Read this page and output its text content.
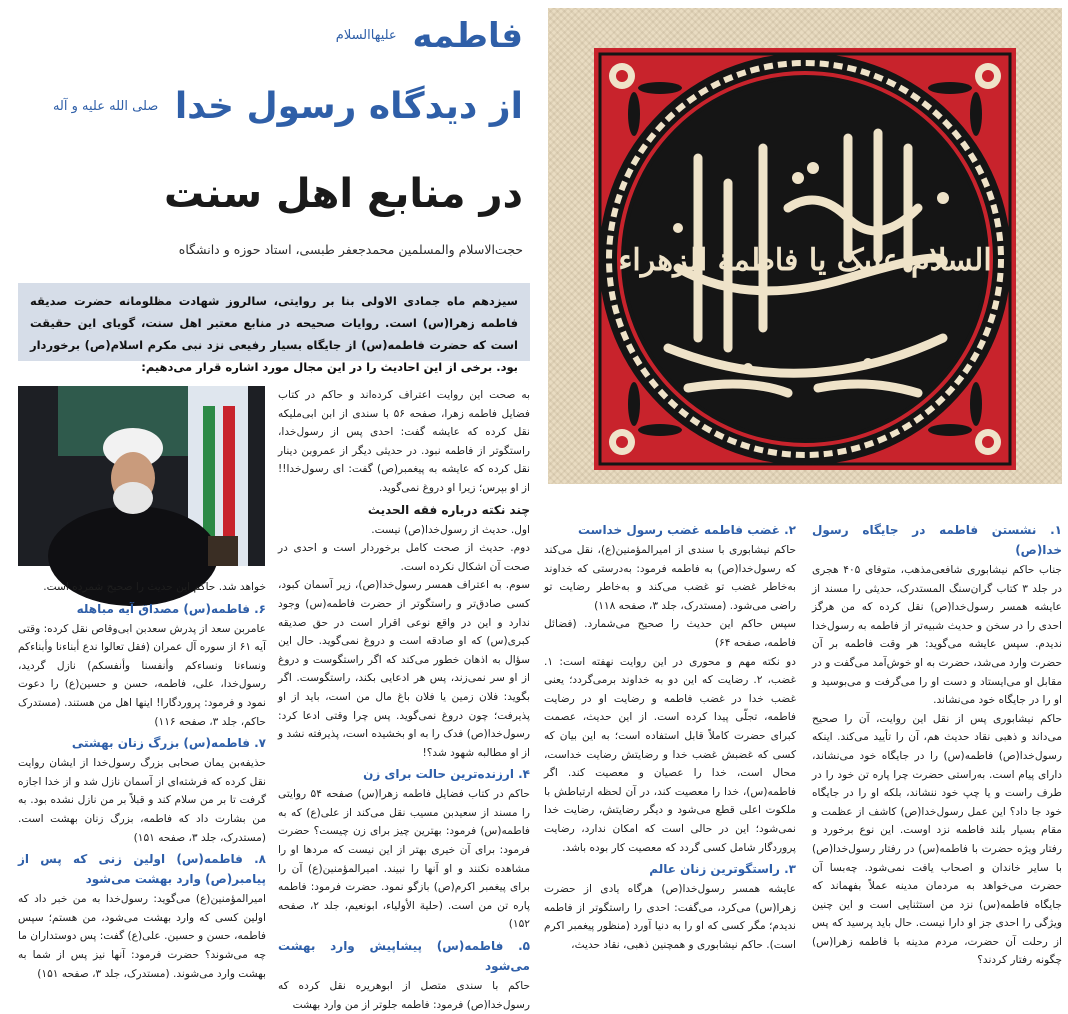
السلام علیک یا فاطمة الزهراء
فاطمه $^{علیهاالسلام}$
از دیدگاه رسول خدا $^{صلی الله علیه و آله}$
در منابع اهل سنت
حجت‌الاسلام والمسلمین محمدجعفر طبسی، استاد حوزه و دانشگاه
سیزدهم ماه جمادی الاولی بنا بر روایتی، سالروز شهادت مظلومانه حضرت صدیقه فاطمه زهرا(س) است. روایات صحیحه در منابع معتبر اهل سنت، گویای این حقیقت است که حضرت فاطمه(س) از جایگاه بسیار رفیعی نزد نبی مکرم اسلام(ص) برخوردار بود. برخی از این احادیث را در این مجال مورد اشاره قرار می‌دهیم:
۱. نشستن فاطمه در جایگاه رسول خدا(ص)

جناب حاکم نیشابوری شافعی‌مذهب، متوفای ۴۰۵ هجری در جلد ۳ کتاب گران‌سنگ المستدرک، حدیثی را مسند از عایشه همسر رسول‌خدا(ص) نقل کرده که من هرگز احدی را در سخن و حدیث شبیه‌تر از فاطمه به رسول‌خدا ندیدم. سپس عایشه می‌گوید: هر وقت فاطمه بر آن حضرت وارد می‌شد، حضرت به او خوش‌آمد می‌گفت و در مقابل او می‌ایستاد و دست او را می‌گرفت و می‌بوسید و او را در جایگاه خود می‌نشاند.

حاکم نیشابوری پس از نقل این روایت، آن را صحیح می‌داند و ذهبی نقاد حدیث هم، آن را تأیید می‌کند. اینکه رسول‌خدا(ص) فاطمه(س) را در جایگاه خود می‌نشاند، دارای پیام است. به‌راستی حضرت چرا پاره تن خود را در طرف راست و یا چپ خود ننشاند، بلکه او را در جایگاه خود جا داد؟ این عمل رسول‌خدا(ص) کاشف از عظمت و مقام بسیار بلند فاطمه نزد اوست. این نوع برخورد و رفتار ویژه حضرت با فاطمه(س) در رفتار رسول‌خدا(ص) با سایر خاندان و اصحاب یافت نمی‌شود. چه‌بسا آن حضرت می‌خواهد به مردمان مدینه عملاً بفهماند که جایگاه فاطمه(س) نزد من استثنایی است و این چنین ویژگی را احدی جز او دارا نیست. حال باید پرسید که پس از رحلت آن حضرت، مردم مدینه با فاطمه زهرا(س) چگونه رفتار کردند؟

۲. غضب فاطمه غضب رسول خداست

حاکم نیشابوری با سندی از امیرالمؤمنین(ع)، نقل می‌کند که رسول‌خدا(ص) به فاطمه فرمود: به‌درستی که خداوند به‌خاطر غضب تو غضب می‌کند و به‌خاطر رضایت تو راضی می‌شود. (مستدرک، جلد ۳، صفحه ۱۱۸)

سپس حاکم این حدیث را صحیح می‌شمارد. (فضائل فاطمه، صفحه ۶۴)

دو نکته مهم و محوری در این روایت نهفته است: ۱. غضب، ۲. رضایت که این دو به خداوند برمی‌گردد؛ یعنی غضب خدا در غضب فاطمه و رضایت او در رضایت فاطمه، تجلّی پیدا کرده است. از این حدیث، عصمت کبرای حضرت کاملاً قابل استفاده است؛ به این بیان که کسی که غضبش غضب خدا و رضایتش رضایت خداست، محال است، خدا را عصیان و معصیت کند. اگر فاطمه(س)، خدا را معصیت کند، در آن لحظه ارتباطش با ملکوت اعلی قطع می‌شود و دیگر رضایتش، رضایت خدا نمی‌شود؛ این در حالی است که امکان ندارد، رضایت پروردگار شامل کسی گردد که معصیت کار بوده باشد.

۳. راستگوترین زنان عالم

عایشه همسر رسول‌خدا(ص) هرگاه یادی از حضرت زهرا(س) می‌کرد، می‌گفت: احدی را راستگوتر از فاطمه ندیدم؛ مگر کسی که او را به دنیا آورد (منظور پیغمبر اکرم است). حاکم نیشابوری و همچنین ذهبی، نقاد حدیث،

به صحت این روایت اعتراف کرده‌اند و حاکم در کتاب فضایل فاطمه زهرا، صفحه ۵۶ با سندی از ابن ابی‌ملیکه نقل کرده که عایشه گفت: احدی پس از رسول‌خدا، راستگوتر از فاطمه نبود. در حدیثی دیگر از عمروبن دینار نقل کرده که عایشه به پیغمبر(ص) گفت: ای رسول‌خدا!! از او بپرس؛ زیرا او دروغ نمی‌گوید.

چند نکته درباره فقه الحدیث

اول. حدیث از رسول‌خدا(ص) نیست.

دوم. حدیث از صحت کامل برخوردار است و احدی در صحت آن اشکال نکرده است.

سوم. به اعتراف همسر رسول‌خدا(ص)، زیر آسمان کبود، کسی صادق‌تر و راستگوتر از حضرت فاطمه(س) وجود ندارد و این در واقع نوعی اقرار است در حق صدیقه کبری(س) که او صادقه است و دروغ نمی‌گوید. حال این سؤال به اذهان خطور می‌کند که اگر راستگوست و دروغ از او سر نمی‌زند، پس هر ادعایی بکند، راستگوست. اگر بگوید: فلان زمین یا فلان باغ مال من است، باید از او پذیرفت؛ چون دروغ نمی‌گوید. پس چرا وقتی ادعا کرد: رسول‌خدا(ص) فدک را به او بخشیده است، پذیرفته نشد و از او مطالبه شهود شد؟!

۴. ارزنده‌ترین حالت برای زن

حاکم در کتاب فضایل فاطمه زهرا(س) صفحه ۵۴ روایتی را مسند از سعیدبن مسیب نقل می‌کند از علی(ع) که به فاطمه(س) فرمود: بهترین چیز برای زن چیست؟ حضرت فرمود: برای آن خیری بهتر از این نیست که مردها او را مشاهده نکنند و او آنها را نبیند. امیرالمؤمنین(ع) آن را برای پیغمبر اکرم(ص) بازگو نمود. حضرت فرمود: فاطمه پاره تن من است. (حلیة الأولیاء، ابونعیم، جلد ۲، صفحه ۱۵۲)

۵. فاطمه(س) پیشاپیش وارد بهشت می‌شود

حاکم با سندی متصل از ابوهریره نقل کرده که رسول‌خدا(ص) فرمود: فاطمه جلوتر از من وارد بهشت

خواهد شد. حاکم این حدیث را صحیح شمرده است.

۶. فاطمه(س) مصداق آیه مباهله

عامربن سعد از پدرش سعدبن ابی‌وقاص نقل کرده: وقتی آیه ۶۱ از سوره آل عمران (فقل تعالوا ندع أبناءنا وأبناءکم ونساءنا ونساءکم وأنفسنا وأنفسکم) نازل گردید، رسول‌خدا، علی، فاطمه، حسن و حسین(ع) را دعوت نمود و فرمود: پروردگارا! اینها اهل من هستند. (مستدرک حاکم، جلد ۳، صفحه ۱۱۶)

۷. فاطمه(س) بزرگ زنان بهشتی

حذیفه‌بن یمان صحابی بزرگ رسول‌خدا از ایشان روایت نقل کرده که فرشته‌ای از آسمان نازل شد و از خدا اجازه گرفت تا بر من سلام کند و قبلاً بر من نازل نشده بود. به من بشارت داد که فاطمه، بزرگ زنان بهشت است. (مستدرک، جلد ۳، صفحه ۱۵۱)

۸. فاطمه(س) اولین زنی که پس از پیامبر(ص) وارد بهشت می‌شود

امیرالمؤمنین(ع) می‌گوید: رسول‌خدا به من خبر داد که اولین کسی که وارد بهشت می‌شود، من هستم؛ سپس فاطمه، حسن و حسین. علی(ع) گفت: پس دوستداران ما چه می‌شوند؟ حضرت فرمود: آنها نیز پس از شما به بهشت وارد می‌شوند. (مستدرک، جلد ۳، صفحه ۱۵۱)
